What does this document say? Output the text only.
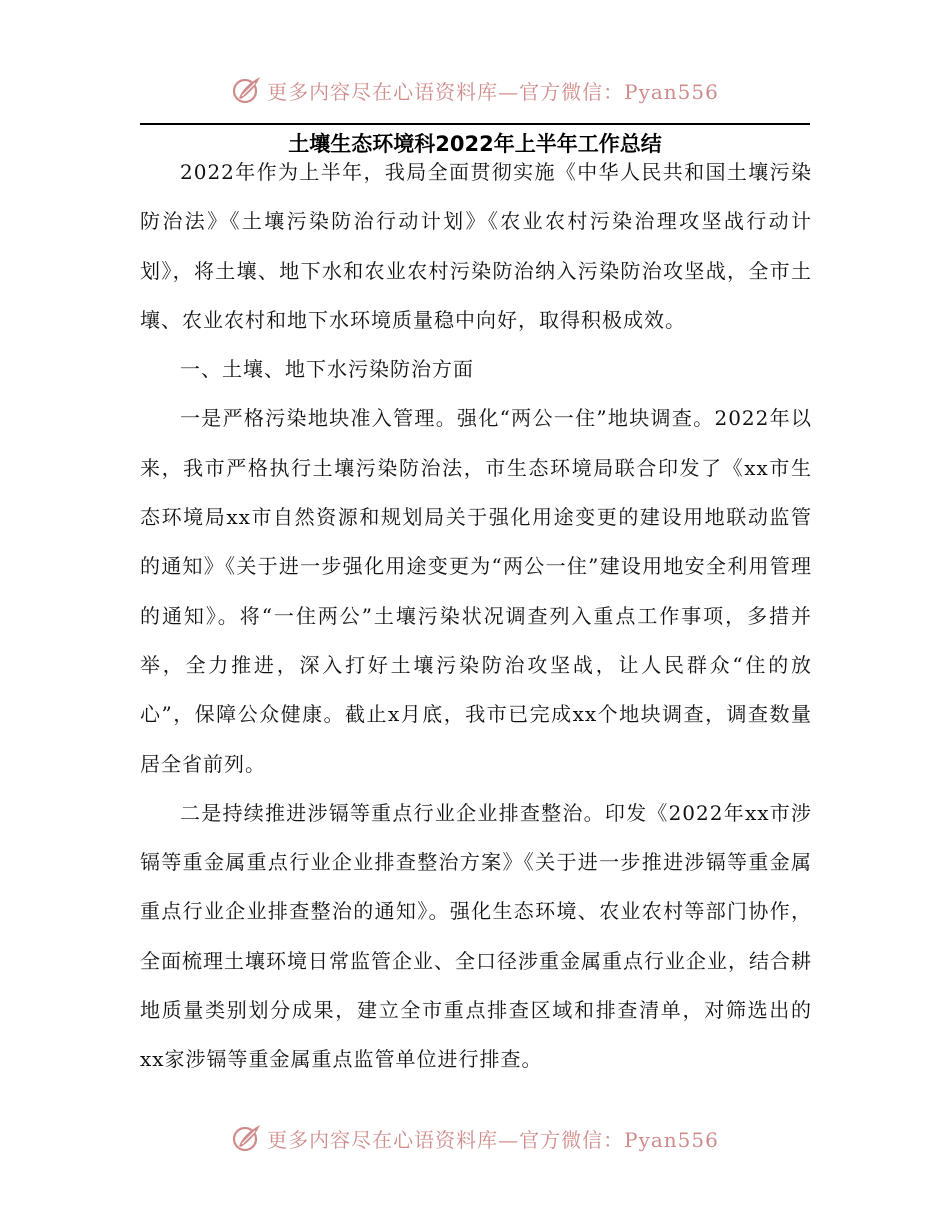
更多内容尽在心语资料库—官方微信：Pyan556
土壤生态环境科2022年上半年工作总结

2022年作为上半年，我局全面贯彻实施《中华人民共和国土壤污染防治法》《土壤污染防治行动计划》《农业农村污染治理攻坚战行动计划》，将土壤、地下水和农业农村污染防治纳入污染防治攻坚战，全市土壤、农业农村和地下水环境质量稳中向好，取得积极成效。

一、土壤、地下水污染防治方面

一是严格污染地块准入管理。强化“两公一住”地块调查。2022年以来，我市严格执行土壤污染防治法，市生态环境局联合印发了《xx市生态环境局xx市自然资源和规划局关于强化用途变更的建设用地联动监管的通知》《关于进一步强化用途变更为“两公一住”建设用地安全利用管理的通知》。将“一住两公”土壤污染状况调查列入重点工作事项，多措并举，全力推进，深入打好土壤污染防治攻坚战，让人民群众“住的放心”，保障公众健康。截止x月底，我市已完成xx个地块调查，调查数量居全省前列。

二是持续推进涉镉等重点行业企业排查整治。印发《2022年xx市涉镉等重金属重点行业企业排查整治方案》《关于进一步推进涉镉等重金属重点行业企业排查整治的通知》。强化生态环境、农业农村等部门协作，全面梳理土壤环境日常监管企业、全口径涉重金属重点行业企业，结合耕地质量类别划分成果，建立全市重点排查区域和排查清单，对筛选出的xx家涉镉等重金属重点监管单位进行排查。

更多内容尽在心语资料库—官方微信：Pyan556
